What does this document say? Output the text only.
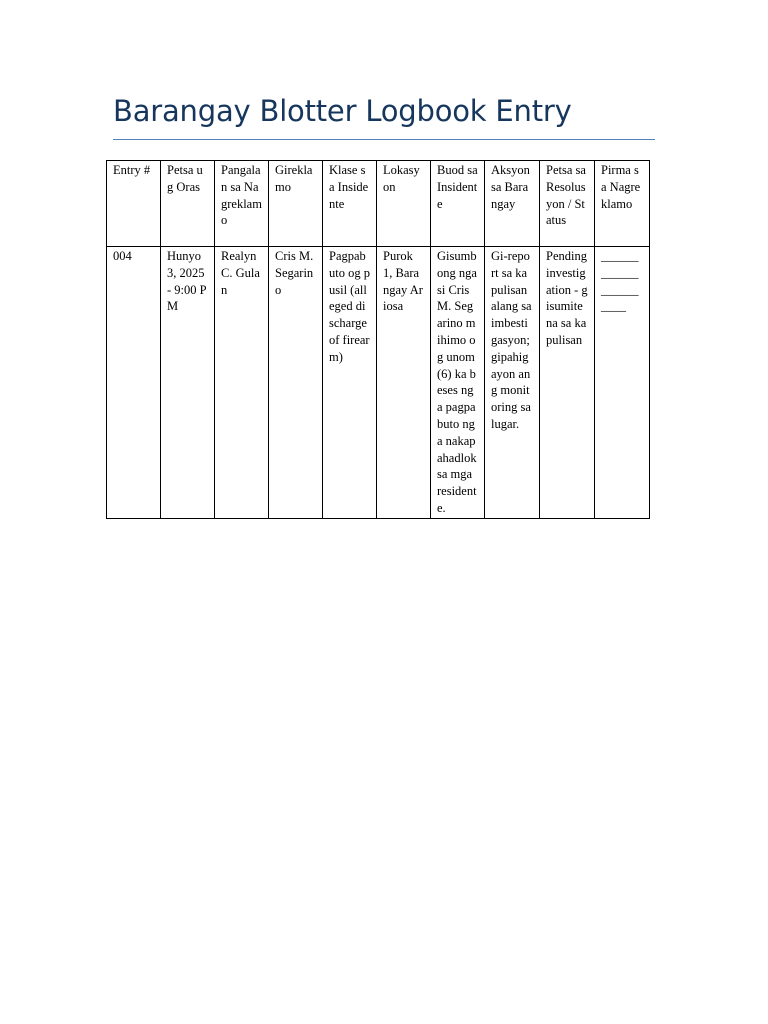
Barangay Blotter Logbook Entry
Entry #	Petsa ug Oras	Pangalan sa Nagreklamo	Gireklamo	Klase sa Insidente	Lokasyon	Buod sa Insidente	Aksyon sa Barangay	Petsa sa Resolusyon / Status	Pirma sa Nagreklamo
004	Hunyo 3, 2025 - 9:00 PM	Realyn C. Gulan	Cris M. Segarino	Pagpabuto og pusil (alleged discharge of firearm)	Purok 1, Barangay Ariosa	Gisumbong nga si Cris M. Segarino mihimo og unom (6) ka beses nga pagpabuto nga nakapahadlok sa mga residente.	Gi-report sa kapulisan alang sa imbestigasyon; gipahigayon ang monitoring sa lugar.	Pending investigation - gisumite na sa kapulisan	______________________
